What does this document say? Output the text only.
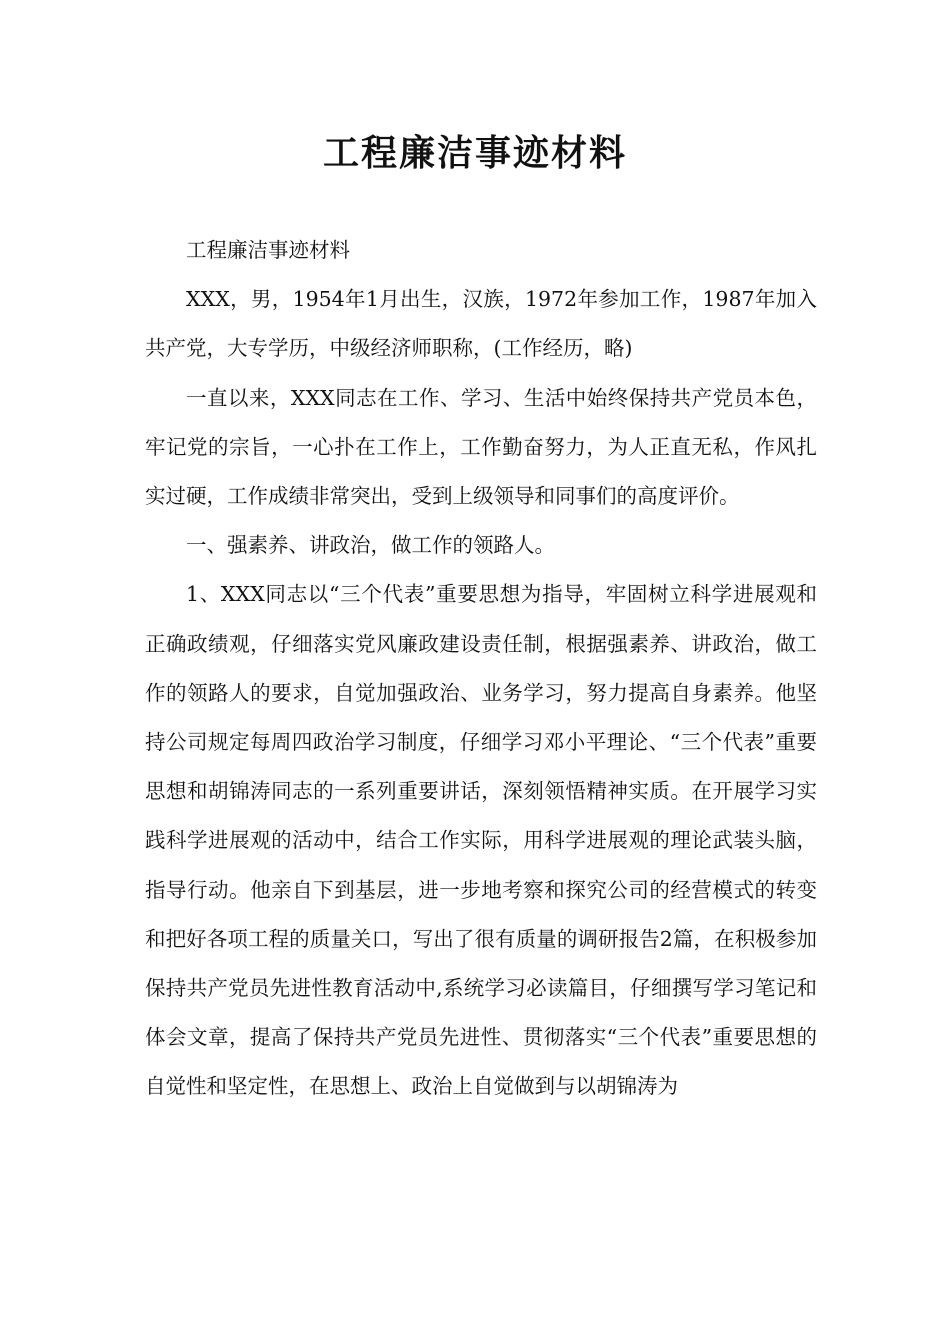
工程廉洁事迹材料

工程廉洁事迹材料

XXX，男，1954年1月出生，汉族，1972年参加工作，1987年加入共产党，大专学历，中级经济师职称，(工作经历，略)

一直以来，XXX同志在工作、学习、生活中始终保持共产党员本色，牢记党的宗旨，一心扑在工作上，工作勤奋努力，为人正直无私，作风扎实过硬，工作成绩非常突出，受到上级领导和同事们的高度评价。

一、强素养、讲政治，做工作的领路人。

1、XXX同志以“三个代表”重要思想为指导，牢固树立科学进展观和正确政绩观，仔细落实党风廉政建设责任制，根据强素养、讲政治，做工作的领路人的要求，自觉加强政治、业务学习，努力提高自身素养。他坚持公司规定每周四政治学习制度，仔细学习邓小平理论、“三个代表”重要思想和胡锦涛同志的一系列重要讲话，深刻领悟精神实质。在开展学习实践科学进展观的活动中，结合工作实际，用科学进展观的理论武装头脑，指导行动。他亲自下到基层，进一步地考察和探究公司的经营模式的转变和把好各项工程的质量关口，写出了很有质量的调研报告2篇，在积极参加保持共产党员先进性教育活动中,系统学习必读篇目，仔细撰写学习笔记和体会文章，提高了保持共产党员先进性、贯彻落实“三个代表”重要思想的自觉性和坚定性，在思想上、政治上自觉做到与以胡锦涛为
